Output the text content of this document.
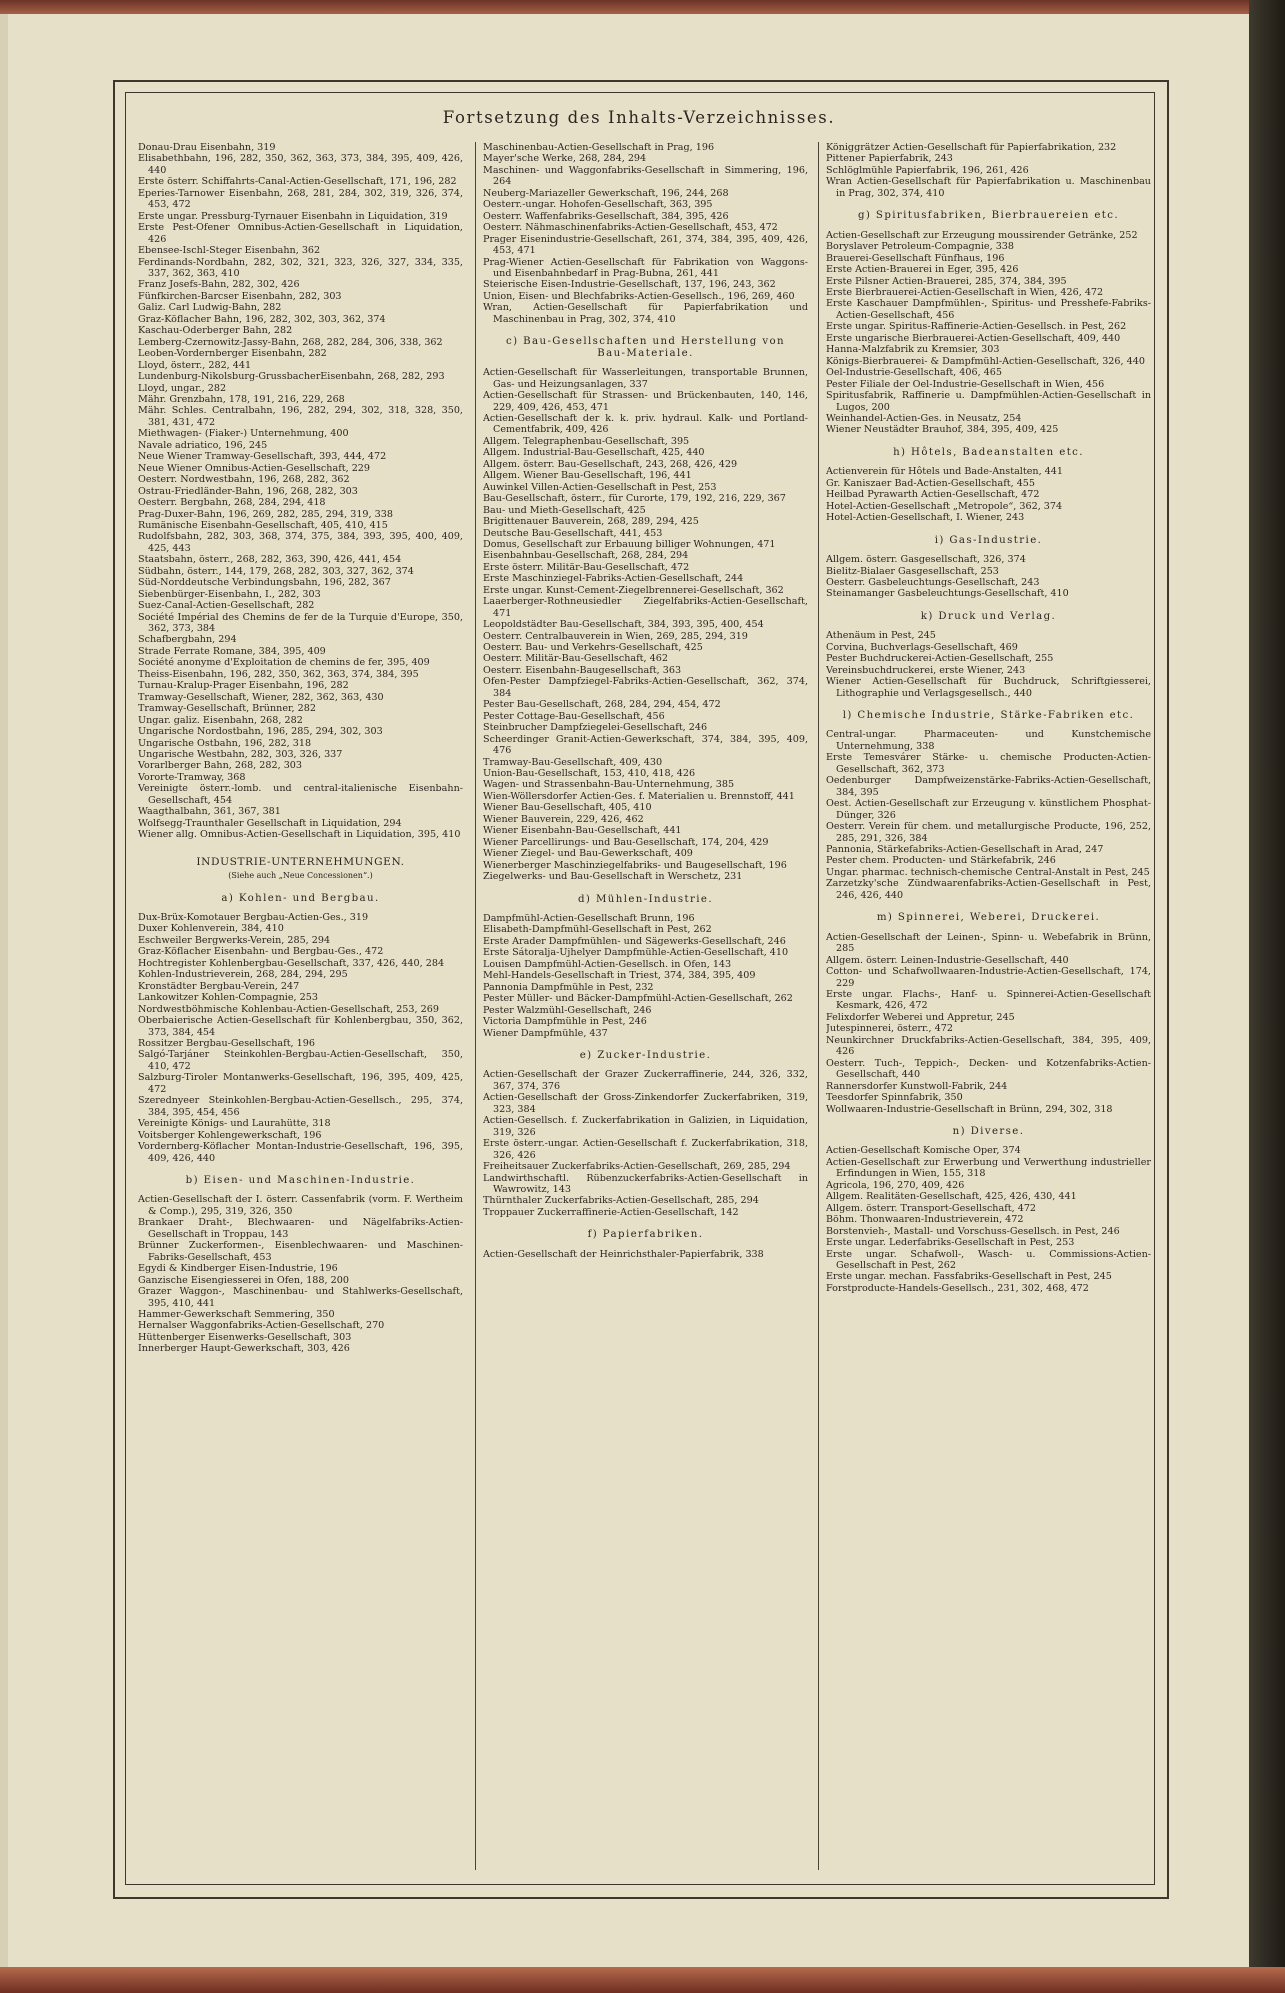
Fortsetzung des Inhalts-Verzeichnisses.

Donau-Drau Eisenbahn, 319

Elisabethbahn, 196, 282, 350, 362, 363, 373, 384, 395, 409, 426, 440

Erste österr. Schiffahrts-Canal-Actien-Gesellschaft, 171, 196, 282

Eperies-Tarnower Eisenbahn, 268, 281, 284, 302, 319, 326, 374, 453, 472

Erste ungar. Pressburg-Tyrnauer Eisenbahn in Liquidation, 319

Erste Pest-Ofener Omnibus-Actien-Gesellschaft in Liquidation, 426

Ebensee-Ischl-Steger Eisenbahn, 362

Ferdinands-Nordbahn, 282, 302, 321, 323, 326, 327, 334, 335, 337, 362, 363, 410

Franz Josefs-Bahn, 282, 302, 426

Fünfkirchen-Barcser Eisenbahn, 282, 303

Galiz. Carl Ludwig-Bahn, 282

Graz-Köflacher Bahn, 196, 282, 302, 303, 362, 374

Kaschau-Oderberger Bahn, 282

Lemberg-Czernowitz-Jassy-Bahn, 268, 282, 284, 306, 338, 362

Leoben-Vordernberger Eisenbahn, 282

Lloyd, österr., 282, 441

Lundenburg-Nikolsburg-GrussbacherEisenbahn, 268, 282, 293

Lloyd, ungar., 282

Mähr. Grenzbahn, 178, 191, 216, 229, 268

Mähr. Schles. Centralbahn, 196, 282, 294, 302, 318, 328, 350, 381, 431, 472

Miethwagen- (Fiaker-) Unternehmung, 400

Navale adriatico, 196, 245

Neue Wiener Tramway-Gesellschaft, 393, 444, 472

Neue Wiener Omnibus-Actien-Gesellschaft, 229

Oesterr. Nordwestbahn, 196, 268, 282, 362

Ostrau-Friedländer-Bahn, 196, 268, 282, 303

Oesterr. Bergbahn, 268, 284, 294, 418

Prag-Duxer-Bahn, 196, 269, 282, 285, 294, 319, 338

Rumänische Eisenbahn-Gesellschaft, 405, 410, 415

Rudolfsbahn, 282, 303, 368, 374, 375, 384, 393, 395, 400, 409, 425, 443

Staatsbahn, österr., 268, 282, 363, 390, 426, 441, 454

Südbahn, österr., 144, 179, 268, 282, 303, 327, 362, 374

Süd-Norddeutsche Verbindungsbahn, 196, 282, 367

Siebenbürger-Eisenbahn, I., 282, 303

Suez-Canal-Actien-Gesellschaft, 282

Société Impérial des Chemins de fer de la Turquie d'Europe, 350, 362, 373, 384

Schafbergbahn, 294

Strade Ferrate Romane, 384, 395, 409

Société anonyme d'Exploitation de chemins de fer, 395, 409

Theiss-Eisenbahn, 196, 282, 350, 362, 363, 374, 384, 395

Turnau-Kralup-Prager Eisenbahn, 196, 282

Tramway-Gesellschaft, Wiener, 282, 362, 363, 430

Tramway-Gesellschaft, Brünner, 282

Ungar. galiz. Eisenbahn, 268, 282

Ungarische Nordostbahn, 196, 285, 294, 302, 303

Ungarische Ostbahn, 196, 282, 318

Ungarische Westbahn, 282, 303, 326, 337

Vorarlberger Bahn, 268, 282, 303

Vororte-Tramway, 368

Vereinigte österr.-lomb. und central-italienische Eisenbahn-Gesellschaft, 454

Waagthalbahn, 361, 367, 381

Wolfsegg-Traunthaler Gesellschaft in Liquidation, 294

Wiener allg. Omnibus-Actien-Gesellschaft in Liquidation, 395, 410

INDUSTRIE-UNTERNEHMUNGEN.
(Siehe auch „Neue Concessionen“.)
a) Kohlen- und Bergbau.

Dux-Brüx-Komotauer Bergbau-Actien-Ges., 319

Duxer Kohlenverein, 384, 410

Eschweiler Bergwerks-Verein, 285, 294

Graz-Köflacher Eisenbahn- und Bergbau-Ges., 472

Hochtregister Kohlenbergbau-Gesellschaft, 337, 426, 440, 284

Kohlen-Industrieverein, 268, 284, 294, 295

Kronstädter Bergbau-Verein, 247

Lankowitzer Kohlen-Compagnie, 253

Nordwestböhmische Kohlenbau-Actien-Gesellschaft, 253, 269

Oberbaierische Actien-Gesellschaft für Kohlenbergbau, 350, 362, 373, 384, 454

Rossitzer Bergbau-Gesellschaft, 196

Salgó-Tarjáner Steinkohlen-Bergbau-Actien-Gesellschaft, 350, 410, 472

Salzburg-Tiroler Montanwerks-Gesellschaft, 196, 395, 409, 425, 472

Szerednyeer Steinkohlen-Bergbau-Actien-Gesellsch., 295, 374, 384, 395, 454, 456

Vereinigte Königs- und Laurahütte, 318

Voitsberger Kohlengewerkschaft, 196

Vordernberg-Köflacher Montan-Industrie-Gesellschaft, 196, 395, 409, 426, 440

b) Eisen- und Maschinen-Industrie.

Actien-Gesellschaft der I. österr. Cassenfabrik (vorm. F. Wertheim & Comp.), 295, 319, 326, 350

Brankaer Draht-, Blechwaaren- und Nägelfabriks-Actien-Gesellschaft in Troppau, 143

Brünner Zuckerformen-, Eisenblechwaaren- und Maschinen-Fabriks-Gesellschaft, 453

Egydi & Kindberger Eisen-Industrie, 196

Ganzische Eisengiesserei in Ofen, 188, 200

Grazer Waggon-, Maschinenbau- und Stahlwerks-Gesellschaft, 395, 410, 441

Hammer-Gewerkschaft Semmering, 350

Hernalser Waggonfabriks-Actien-Gesellschaft, 270

Hüttenberger Eisenwerks-Gesellschaft, 303

Innerberger Haupt-Gewerkschaft, 303, 426

Maschinenbau-Actien-Gesellschaft in Prag, 196

Mayer'sche Werke, 268, 284, 294

Maschinen- und Waggonfabriks-Gesellschaft in Simmering, 196, 264

Neuberg-Mariazeller Gewerkschaft, 196, 244, 268

Oesterr.-ungar. Hohofen-Gesellschaft, 363, 395

Oesterr. Waffenfabriks-Gesellschaft, 384, 395, 426

Oesterr. Nähmaschinenfabriks-Actien-Gesellschaft, 453, 472

Prager Eisenindustrie-Gesellschaft, 261, 374, 384, 395, 409, 426, 453, 471

Prag-Wiener Actien-Gesellschaft für Fabrikation von Waggons- und Eisenbahnbedarf in Prag-Bubna, 261, 441

Steierische Eisen-Industrie-Gesellschaft, 137, 196, 243, 362

Union, Eisen- und Blechfabriks-Actien-Gesellsch., 196, 269, 460

Wran, Actien-Gesellschaft für Papierfabrikation und Maschinenbau in Prag, 302, 374, 410

c) Bau-Gesellschaften und Herstellung von Bau-Materiale.

Actien-Gesellschaft für Wasserleitungen, transportable Brunnen, Gas- und Heizungsanlagen, 337

Actien-Gesellschaft für Strassen- und Brückenbauten, 140, 146, 229, 409, 426, 453, 471

Actien-Gesellschaft der k. k. priv. hydraul. Kalk- und Portland-Cementfabrik, 409, 426

Allgem. Telegraphenbau-Gesellschaft, 395

Allgem. Industrial-Bau-Gesellschaft, 425, 440

Allgem. österr. Bau-Gesellschaft, 243, 268, 426, 429

Allgem. Wiener Bau-Gesellschaft, 196, 441

Auwinkel Villen-Actien-Gesellschaft in Pest, 253

Bau-Gesellschaft, österr., für Curorte, 179, 192, 216, 229, 367

Bau- und Mieth-Gesellschaft, 425

Brigittenauer Bauverein, 268, 289, 294, 425

Deutsche Bau-Gesellschaft, 441, 453

Domus, Gesellschaft zur Erbauung billiger Wohnungen, 471

Eisenbahnbau-Gesellschaft, 268, 284, 294

Erste österr. Militär-Bau-Gesellschaft, 472

Erste Maschinziegel-Fabriks-Actien-Gesellschaft, 244

Erste ungar. Kunst-Cement-Ziegelbrennerei-Gesellschaft, 362

Laaerberger-Rothneusiedler Ziegelfabriks-Actien-Gesellschaft, 471

Leopoldstädter Bau-Gesellschaft, 384, 393, 395, 400, 454

Oesterr. Centralbauverein in Wien, 269, 285, 294, 319

Oesterr. Bau- und Verkehrs-Gesellschaft, 425

Oesterr. Militär-Bau-Gesellschaft, 462

Oesterr. Eisenbahn-Baugesellschaft, 363

Ofen-Pester Dampfziegel-Fabriks-Actien-Gesellschaft, 362, 374, 384

Pester Bau-Gesellschaft, 268, 284, 294, 454, 472

Pester Cottage-Bau-Gesellschaft, 456

Steinbrucher Dampfziegelei-Gesellschaft, 246

Scheerdinger Granit-Actien-Gewerkschaft, 374, 384, 395, 409, 476

Tramway-Bau-Gesellschaft, 409, 430

Union-Bau-Gesellschaft, 153, 410, 418, 426

Wagen- und Strassenbahn-Bau-Unternehmung, 385

Wien-Wöllersdorfer Actien-Ges. f. Materialien u. Brennstoff, 441

Wiener Bau-Gesellschaft, 405, 410

Wiener Bauverein, 229, 426, 462

Wiener Eisenbahn-Bau-Gesellschaft, 441

Wiener Parcellirungs- und Bau-Gesellschaft, 174, 204, 429

Wiener Ziegel- und Bau-Gewerkschaft, 409

Wienerberger Maschinziegelfabriks- und Baugesellschaft, 196

Ziegelwerks- und Bau-Gesellschaft in Werschetz, 231

d) Mühlen-Industrie.

Dampfmühl-Actien-Gesellschaft Brunn, 196

Elisabeth-Dampfmühl-Gesellschaft in Pest, 262

Erste Arader Dampfmühlen- und Sägewerks-Gesellschaft, 246

Erste Sátoralja-Ujhelyer Dampfmühle-Actien-Gesellschaft, 410

Louisen Dampfmühl-Actien-Gesellsch. in Ofen, 143

Mehl-Handels-Gesellschaft in Triest, 374, 384, 395, 409

Pannonia Dampfmühle in Pest, 232

Pester Müller- und Bäcker-Dampfmühl-Actien-Gesellschaft, 262

Pester Walzmühl-Gesellschaft, 246

Victoria Dampfmühle in Pest, 246

Wiener Dampfmühle, 437

e) Zucker-Industrie.

Actien-Gesellschaft der Grazer Zuckerraffinerie, 244, 326, 332, 367, 374, 376

Actien-Gesellschaft der Gross-Zinkendorfer Zuckerfabriken, 319, 323, 384

Actien-Gesellsch. f. Zuckerfabrikation in Galizien, in Liquidation, 319, 326

Erste österr.-ungar. Actien-Gesellschaft f. Zuckerfabrikation, 318, 326, 426

Freiheitsauer Zuckerfabriks-Actien-Gesellschaft, 269, 285, 294

Landwirthschaftl. Rübenzuckerfabriks-Actien-Gesellschaft in Wawrowitz, 143

Thürnthaler Zuckerfabriks-Actien-Gesellschaft, 285, 294

Troppauer Zuckerraffinerie-Actien-Gesellschaft, 142

f) Papierfabriken.

Actien-Gesellschaft der Heinrichsthaler-Papierfabrik, 338

Königgrätzer Actien-Gesellschaft für Papierfabrikation, 232

Pittener Papierfabrik, 243

Schlöglmühle Papierfabrik, 196, 261, 426

Wran Actien-Gesellschaft für Papierfabrikation u. Maschinenbau in Prag, 302, 374, 410

g) Spiritusfabriken, Bierbrauereien etc.

Actien-Gesellschaft zur Erzeugung moussirender Getränke, 252

Boryslaver Petroleum-Compagnie, 338

Brauerei-Gesellschaft Fünfhaus, 196

Erste Actien-Brauerei in Eger, 395, 426

Erste Pilsner Actien-Brauerei, 285, 374, 384, 395

Erste Bierbrauerei-Actien-Gesellschaft in Wien, 426, 472

Erste Kaschauer Dampfmühlen-, Spiritus- und Presshefe-Fabriks-Actien-Gesellschaft, 456

Erste ungar. Spiritus-Raffinerie-Actien-Gesellsch. in Pest, 262

Erste ungarische Bierbrauerei-Actien-Gesellschaft, 409, 440

Hanna-Malzfabrik zu Kremsier, 303

Königs-Bierbrauerei- & Dampfmühl-Actien-Gesellschaft, 326, 440

Oel-Industrie-Gesellschaft, 406, 465

Pester Filiale der Oel-Industrie-Gesellschaft in Wien, 456

Spiritusfabrik, Raffinerie u. Dampfmühlen-Actien-Gesellschaft in Lugos, 200

Weinhandel-Actien-Ges. in Neusatz, 254

Wiener Neustädter Brauhof, 384, 395, 409, 425

h) Hôtels, Badeanstalten etc.

Actienverein für Hôtels und Bade-Anstalten, 441

Gr. Kaniszaer Bad-Actien-Gesellschaft, 455

Heilbad Pyrawarth Actien-Gesellschaft, 472

Hotel-Actien-Gesellschaft „Metropole“, 362, 374

Hotel-Actien-Gesellschaft, I. Wiener, 243

i) Gas-Industrie.

Allgem. österr. Gasgesellschaft, 326, 374

Bielitz-Bialaer Gasgesellschaft, 253

Oesterr. Gasbeleuchtungs-Gesellschaft, 243

Steinamanger Gasbeleuchtungs-Gesellschaft, 410

k) Druck und Verlag.

Athenäum in Pest, 245

Corvina, Buchverlags-Gesellschaft, 469

Pester Buchdruckerei-Actien-Gesellschaft, 255

Vereinsbuchdruckerei, erste Wiener, 243

Wiener Actien-Gesellschaft für Buchdruck, Schriftgiesserei, Lithographie und Verlagsgesellsch., 440

l) Chemische Industrie, Stärke-Fabriken etc.

Central-ungar. Pharmaceuten- und Kunstchemische Unternehmung, 338

Erste Temesvárer Stärke- u. chemische Producten-Actien-Gesellschaft, 362, 373

Oedenburger Dampfweizenstärke-Fabriks-Actien-Gesellschaft, 384, 395

Oest. Actien-Gesellschaft zur Erzeugung v. künstlichem Phosphat-Dünger, 326

Oesterr. Verein für chem. und metallurgische Producte, 196, 252, 285, 291, 326, 384

Pannonia, Stärkefabriks-Actien-Gesellschaft in Arad, 247

Pester chem. Producten- und Stärkefabrik, 246

Ungar. pharmac. technisch-chemische Central-Anstalt in Pest, 245

Zarzetzky'sche Zündwaarenfabriks-Actien-Gesellschaft in Pest, 246, 426, 440

m) Spinnerei, Weberei, Druckerei.

Actien-Gesellschaft der Leinen-, Spinn- u. Webefabrik in Brünn, 285

Allgem. österr. Leinen-Industrie-Gesellschaft, 440

Cotton- und Schafwollwaaren-Industrie-Actien-Gesellschaft, 174, 229

Erste ungar. Flachs-, Hanf- u. Spinnerei-Actien-Gesellschaft Kesmark, 426, 472

Felixdorfer Weberei und Appretur, 245

Jutespinnerei, österr., 472

Neunkirchner Druckfabriks-Actien-Gesellschaft, 384, 395, 409, 426

Oesterr. Tuch-, Teppich-, Decken- und Kotzenfabriks-Actien-Gesellschaft, 440

Rannersdorfer Kunstwoll-Fabrik, 244

Teesdorfer Spinnfabrik, 350

Wollwaaren-Industrie-Gesellschaft in Brünn, 294, 302, 318

n) Diverse.

Actien-Gesellschaft Komische Oper, 374

Actien-Gesellschaft zur Erwerbung und Verwerthung industrieller Erfindungen in Wien, 155, 318

Agricola, 196, 270, 409, 426

Allgem. Realitäten-Gesellschaft, 425, 426, 430, 441

Allgem. österr. Transport-Gesellschaft, 472

Böhm. Thonwaaren-Industrieverein, 472

Borstenvieh-, Mastall- und Vorschuss-Gesellsch. in Pest, 246

Erste ungar. Lederfabriks-Gesellschaft in Pest, 253

Erste ungar. Schafwoll-, Wasch- u. Commissions-Actien-Gesellschaft in Pest, 262

Erste ungar. mechan. Fassfabriks-Gesellschaft in Pest, 245

Forstproducte-Handels-Gesellsch., 231, 302, 468, 472
